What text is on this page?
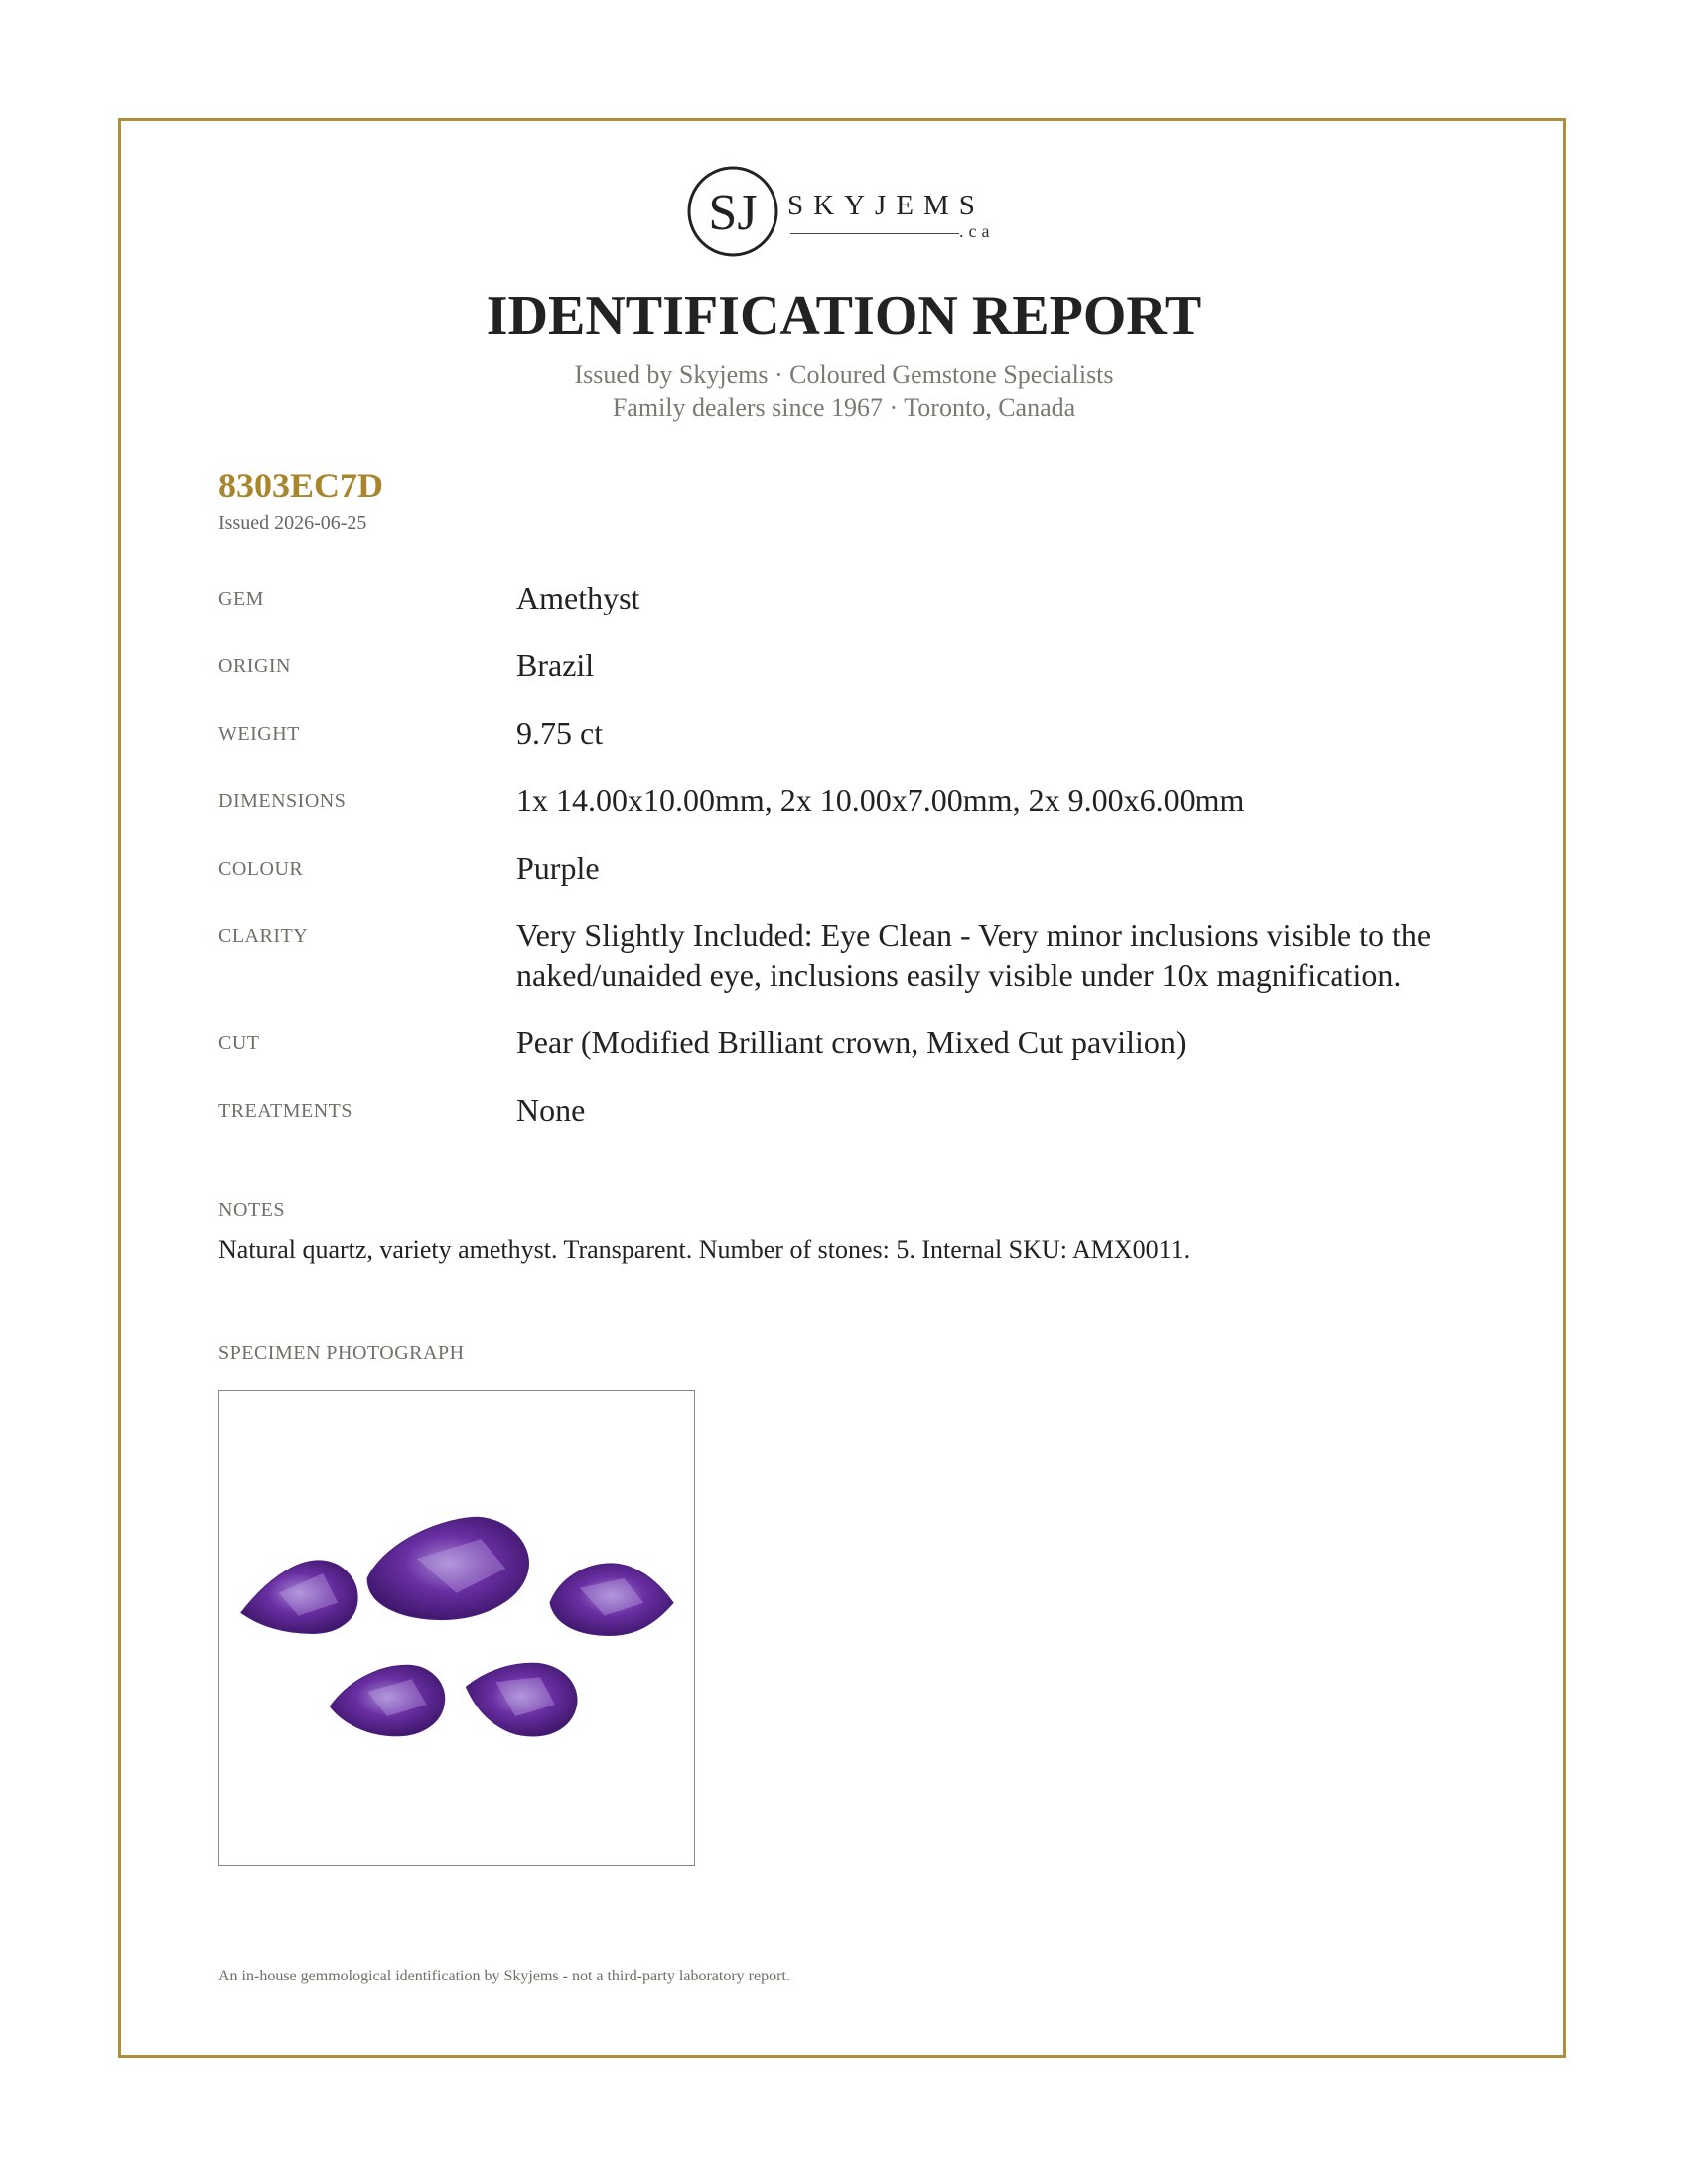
SJ SKYJEMS
.ca
IDENTIFICATION REPORT
Issued by Skyjems · Coloured Gemstone Specialists
Family dealers since 1967 · Toronto, Canada
8303EC7D
Issued 2026-06-25
GEM	Amethyst
ORIGIN	Brazil
WEIGHT	9.75 ct
DIMENSIONS	1x 14.00x10.00mm, 2x 10.00x7.00mm, 2x 9.00x6.00mm
COLOUR	Purple
CLARITY	Very Slightly Included: Eye Clean - Very minor inclusions visible to the naked/unaided eye, inclusions easily visible under 10x magnification.
CUT	Pear (Modified Brilliant crown, Mixed Cut pavilion)
TREATMENTS	None
NOTES
Natural quartz, variety amethyst. Transparent. Number of stones: 5. Internal SKU: AMX0011.
SPECIMEN PHOTOGRAPH
An in-house gemmological identification by Skyjems - not a third-party laboratory report.
